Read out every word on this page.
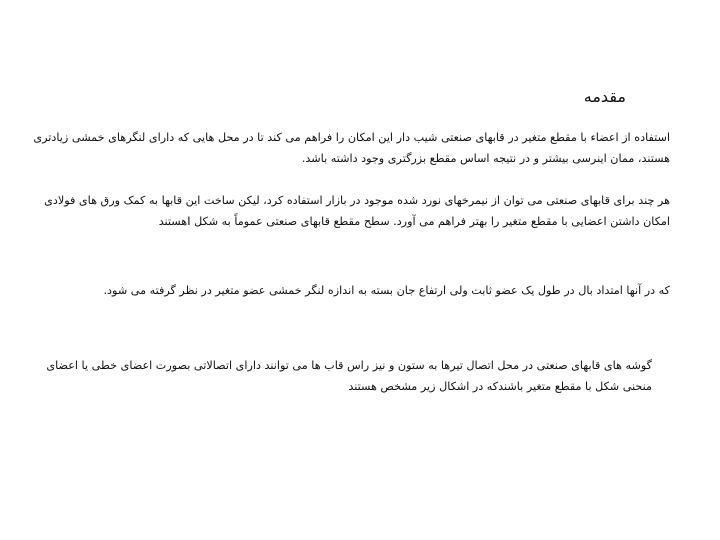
مقدمه

استفاده از اعضاء با مقطع متغیر در قابهای صنعتی شیب دار این امکان را فراهم می کند تا در محل هایی که دارای لنگرهای خمشی زیادتری هستند، ممان اینرسی بیشتر و در نتیجه اساس مقطع بزرگتری وجود داشته باشد.

هر چند برای قابهای صنعتی می توان از نیمرخهای نورد شده موجود در بازار استفاده کرد، لیکن ساخت این قابها به کمک ورق های فولادی امکان داشتن اعضایی با مقطع متغیر را بهتر فراهم می آورد. سطح مقطع قابهای صنعتی عموماً به شکل Iهستند

که در آنها امتداد بال در طول یک عضو ثابت ولی ارتفاع جان بسته به اندازه لنگر خمشی عضو متغیر در نظر گرفته می شود.

گوشه های قابهای صنعتی در محل اتصال تیرها به ستون و نیز راس قاب ها می توانند دارای اتصالاتی بصورت اعضای خطی یا اعضای منحنی شکل با مقطع متغیر باشندکه در اشکال زیر مشخص هستند
